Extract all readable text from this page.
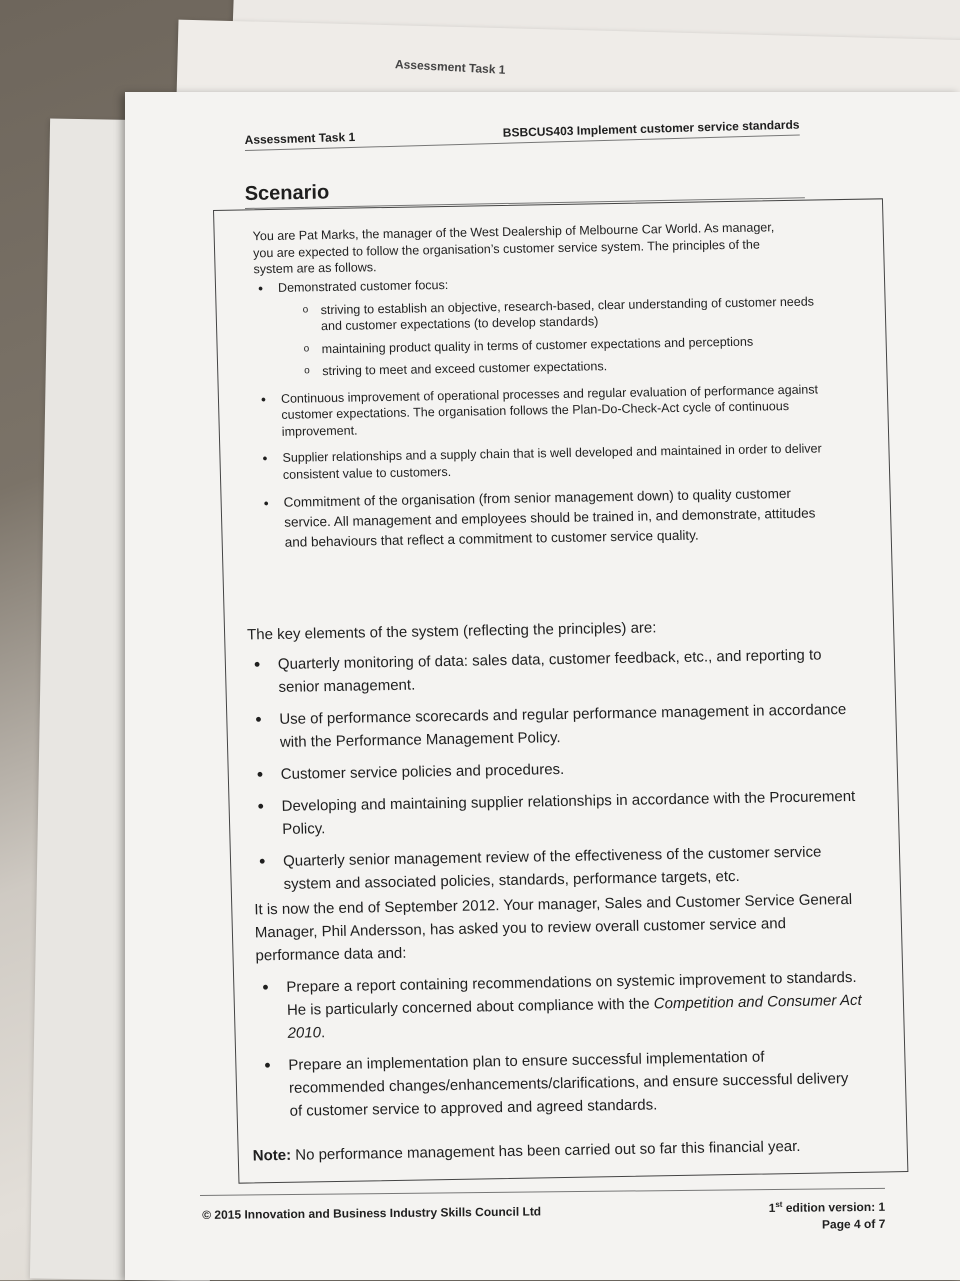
Assessment Task 1
Assessment Task 1	BSBCUS403 Implement customer service standards
Scenario
You are Pat Marks, the manager of the West Dealership of Melbourne Car World. As manager, you are expected to follow the organisation’s customer service system. The principles of the system are as follows.
• Demonstrated customer focus:
o striving to establish an objective, research-based, clear understanding of customer needs and customer expectations (to develop standards)
o maintaining product quality in terms of customer expectations and perceptions
o striving to meet and exceed customer expectations.
• Continuous improvement of operational processes and regular evaluation of performance against customer expectations. The organisation follows the Plan-Do-Check-Act cycle of continuous improvement.
• Supplier relationships and a supply chain that is well developed and maintained in order to deliver consistent value to customers.
• Commitment of the organisation (from senior management down) to quality customer service. All management and employees should be trained in, and demonstrate, attitudes and behaviours that reflect a commitment to customer service quality.
The key elements of the system (reflecting the principles) are:
• Quarterly monitoring of data: sales data, customer feedback, etc., and reporting to senior management.
• Use of performance scorecards and regular performance management in accordance with the Performance Management Policy.
• Customer service policies and procedures.
• Developing and maintaining supplier relationships in accordance with the Procurement Policy.
• Quarterly senior management review of the effectiveness of the customer service system and associated policies, standards, performance targets, etc.
It is now the end of September 2012. Your manager, Sales and Customer Service General Manager, Phil Andersson, has asked you to review overall customer service and performance data and:
• Prepare a report containing recommendations on systemic improvement to standards. He is particularly concerned about compliance with the Competition and Consumer Act 2010.
• Prepare an implementation plan to ensure successful implementation of recommended changes/enhancements/clarifications, and ensure successful delivery of customer service to approved and agreed standards.
Note: No performance management has been carried out so far this financial year.
© 2015 Innovation and Business Industry Skills Council Ltd	1st edition version: 1
Page 4 of 7
